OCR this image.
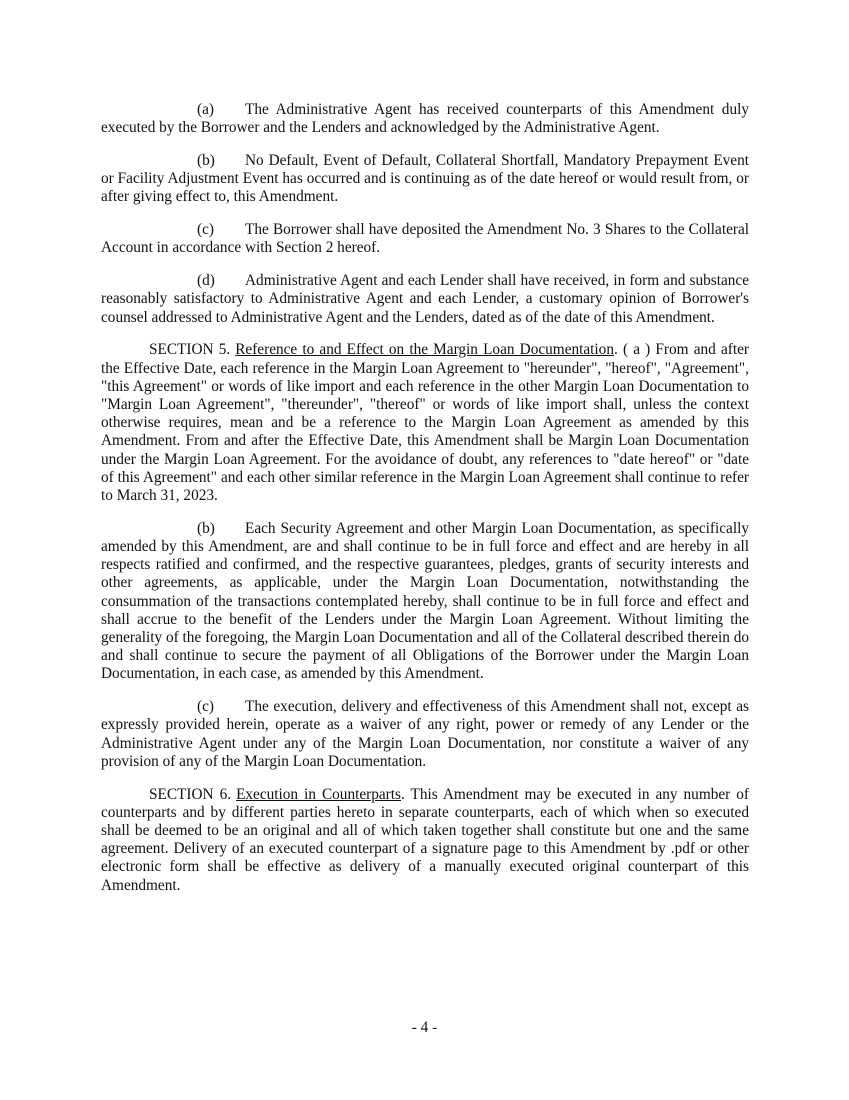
(a) The Administrative Agent has received counterparts of this Amendment duly executed by the Borrower and the Lenders and acknowledged by the Administrative Agent.

(b) No Default, Event of Default, Collateral Shortfall, Mandatory Prepayment Event or Facility Adjustment Event has occurred and is continuing as of the date hereof or would result from, or after giving effect to, this Amendment.

(c) The Borrower shall have deposited the Amendment No. 3 Shares to the Collateral Account in accordance with Section 2 hereof.

(d) Administrative Agent and each Lender shall have received, in form and substance reasonably satisfactory to Administrative Agent and each Lender, a customary opinion of Borrower's counsel addressed to Administrative Agent and the Lenders, dated as of the date of this Amendment.

SECTION 5. Reference to and Effect on the Margin Loan Documentation. ( a ) From and after the Effective Date, each reference in the Margin Loan Agreement to "hereunder", "hereof", "Agreement", "this Agreement" or words of like import and each reference in the other Margin Loan Documentation to "Margin Loan Agreement", "thereunder", "thereof" or words of like import shall, unless the context otherwise requires, mean and be a reference to the Margin Loan Agreement as amended by this Amendment. From and after the Effective Date, this Amendment shall be Margin Loan Documentation under the Margin Loan Agreement. For the avoidance of doubt, any references to "date hereof" or "date of this Agreement" and each other similar reference in the Margin Loan Agreement shall continue to refer to March 31, 2023.

(b) Each Security Agreement and other Margin Loan Documentation, as specifically amended by this Amendment, are and shall continue to be in full force and effect and are hereby in all respects ratified and confirmed, and the respective guarantees, pledges, grants of security interests and other agreements, as applicable, under the Margin Loan Documentation, notwithstanding the consummation of the transactions contemplated hereby, shall continue to be in full force and effect and shall accrue to the benefit of the Lenders under the Margin Loan Agreement. Without limiting the generality of the foregoing, the Margin Loan Documentation and all of the Collateral described therein do and shall continue to secure the payment of all Obligations of the Borrower under the Margin Loan Documentation, in each case, as amended by this Amendment.

(c) The execution, delivery and effectiveness of this Amendment shall not, except as expressly provided herein, operate as a waiver of any right, power or remedy of any Lender or the Administrative Agent under any of the Margin Loan Documentation, nor constitute a waiver of any provision of any of the Margin Loan Documentation.

SECTION 6. Execution in Counterparts. This Amendment may be executed in any number of counterparts and by different parties hereto in separate counterparts, each of which when so executed shall be deemed to be an original and all of which taken together shall constitute but one and the same agreement. Delivery of an executed counterpart of a signature page to this Amendment by .pdf or other electronic form shall be effective as delivery of a manually executed original counterpart of this Amendment.

- 4 -
